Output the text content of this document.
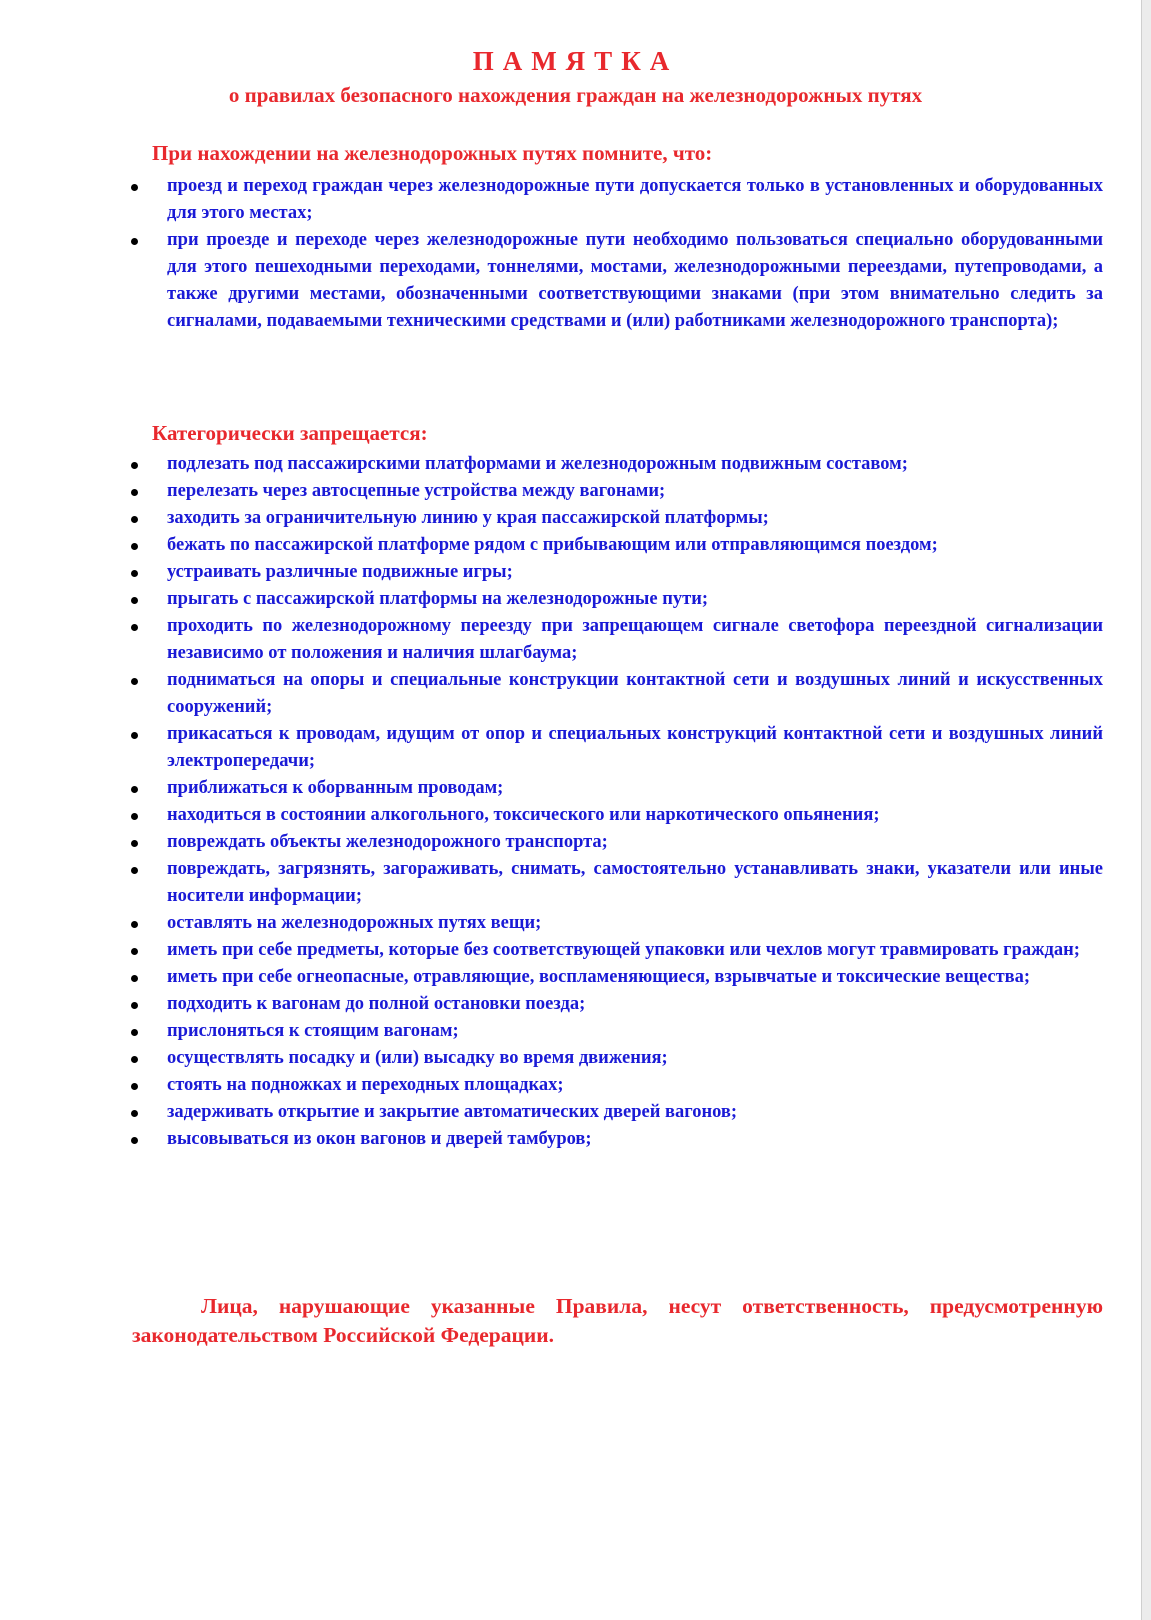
ПАМЯТКА
о правилах безопасного нахождения граждан на железнодорожных путях
При нахождении на железнодорожных путях помните, что:
проезд и переход граждан через железнодорожные пути допускается только в установленных и оборудованных для этого местах;
при проезде и переходе через железнодорожные пути необходимо пользоваться специально оборудованными для этого пешеходными переходами, тоннелями, мостами, железнодорожными переездами, путепроводами, а также другими местами, обозначенными соответствующими знаками (при этом внимательно следить за сигналами, подаваемыми техническими средствами и (или) работниками железнодорожного транспорта);
Категорически запрещается:
подлезать под пассажирскими платформами и железнодорожным подвижным составом;
перелезать через автосцепные устройства между вагонами;
заходить за ограничительную линию у края пассажирской платформы;
бежать по пассажирской платформе рядом с прибывающим или отправляющимся поездом;
устраивать различные подвижные игры;
прыгать с пассажирской платформы на железнодорожные пути;
проходить по железнодорожному переезду при запрещающем сигнале светофора переездной сигнализации независимо от положения и наличия шлагбаума;
подниматься на опоры и специальные конструкции контактной сети и воздушных линий и искусственных сооружений;
прикасаться к проводам, идущим от опор и специальных конструкций контактной сети и воздушных линий электропередачи;
приближаться к оборванным проводам;
находиться в состоянии алкогольного, токсического или наркотического опьянения;
повреждать объекты железнодорожного транспорта;
повреждать, загрязнять, загораживать, снимать, самостоятельно устанавливать знаки, указатели или иные носители информации;
оставлять на железнодорожных путях вещи;
иметь при себе предметы, которые без соответствующей упаковки или чехлов могут травмировать граждан;
иметь при себе огнеопасные, отравляющие, воспламеняющиеся, взрывчатые и токсические вещества;
подходить к вагонам до полной остановки поезда;
прислоняться к стоящим вагонам;
осуществлять посадку и (или) высадку во время движения;
стоять на подножках и переходных площадках;
задерживать открытие и закрытие автоматических дверей вагонов;
высовываться из окон вагонов и дверей тамбуров;
Лица, нарушающие указанные Правила, несут ответственность, предусмотренную законодательством Российской Федерации.
